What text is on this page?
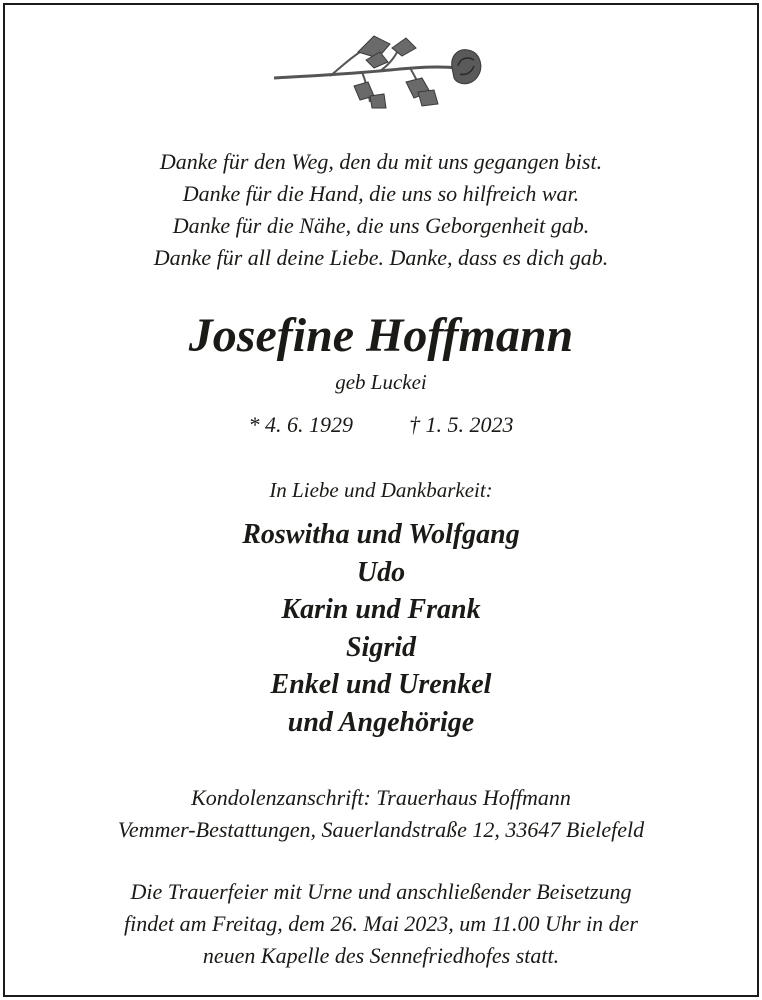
Danke für den Weg, den du mit uns gegangen bist.
Danke für die Hand, die uns so hilfreich war.
Danke für die Nähe, die uns Geborgenheit gab.
Danke für all deine Liebe. Danke, dass es dich gab.
Josefine Hoffmann
geb Luckei
* 4. 6. 1929	† 1. 5. 2023
In Liebe und Dankbarkeit:
Roswitha und Wolfgang
Udo
Karin und Frank
Sigrid
Enkel und Urenkel
und Angehörige
Kondolenzanschrift: Trauerhaus Hoffmann
Vemmer-Bestattungen, Sauerlandstraße 12, 33647 Bielefeld
Die Trauerfeier mit Urne und anschließender Beisetzung
findet am Freitag, dem 26. Mai 2023, um 11.00 Uhr in der
neuen Kapelle des Sennefriedhofes statt.
